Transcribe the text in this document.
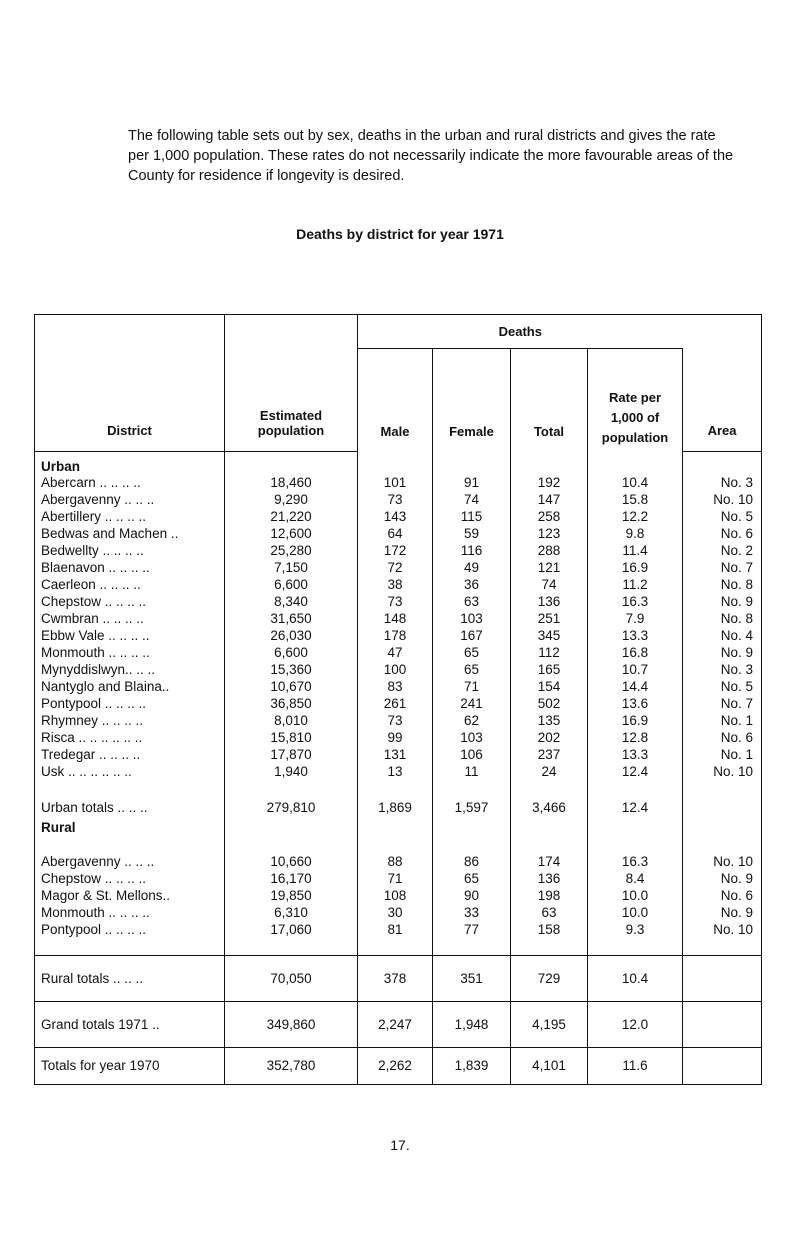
The following table sets out by sex, deaths in the urban and rural districts and gives the rate per 1,000 population. These rates do not necessarily indicate the more favourable areas of the County for residence if longevity is desired.
Deaths by district for year 1971
District	Estimated population	Deaths				Area
		Male	Female	Total	Rate per 1,000 of population	
Urban						
Abercarn .. .. .. ..	18,460	101	91	192	10.4	No. 3
Abergavenny .. .. ..	9,290	73	74	147	15.8	No. 10
Abertillery .. .. .. ..	21,220	143	115	258	12.2	No. 5
Bedwas and Machen ..	12,600	64	59	123	9.8	No. 6
Bedwellty .. .. .. ..	25,280	172	116	288	11.4	No. 2
Blaenavon .. .. .. ..	7,150	72	49	121	16.9	No. 7
Caerleon .. .. .. ..	6,600	38	36	74	11.2	No. 8
Chepstow .. .. .. ..	8,340	73	63	136	16.3	No. 9
Cwmbran .. .. .. ..	31,650	148	103	251	7.9	No. 8
Ebbw Vale .. .. .. ..	26,030	178	167	345	13.3	No. 4
Monmouth .. .. .. ..	6,600	47	65	112	16.8	No. 9
Mynyddislwyn.. .. ..	15,360	100	65	165	10.7	No. 3
Nantyglo and Blaina..	10,670	83	71	154	14.4	No. 5
Pontypool .. .. .. ..	36,850	261	241	502	13.6	No. 7
Rhymney .. .. .. ..	8,010	73	62	135	16.9	No. 1
Risca .. .. .. .. .. ..	15,810	99	103	202	12.8	No. 6
Tredegar .. .. .. ..	17,870	131	106	237	13.3	No. 1
Usk .. .. .. .. .. ..	1,940	13	11	24	12.4	No. 10

Urban totals .. .. ..	279,810	1,869	1,597	3,466	12.4	
Rural						

Abergavenny .. .. ..	10,660	88	86	174	16.3	No. 10
Chepstow .. .. .. ..	16,170	71	65	136	8.4	No. 9
Magor & St. Mellons..	19,850	108	90	198	10.0	No. 6
Monmouth .. .. .. ..	6,310	30	33	63	10.0	No. 9
Pontypool .. .. .. ..	17,060	81	77	158	9.3	No. 10

Rural totals .. .. ..	70,050	378	351	729	10.4	
Grand totals 1971 ..	349,860	2,247	1,948	4,195	12.0	
Totals for year 1970	352,780	2,262	1,839	4,101	11.6	
17.
